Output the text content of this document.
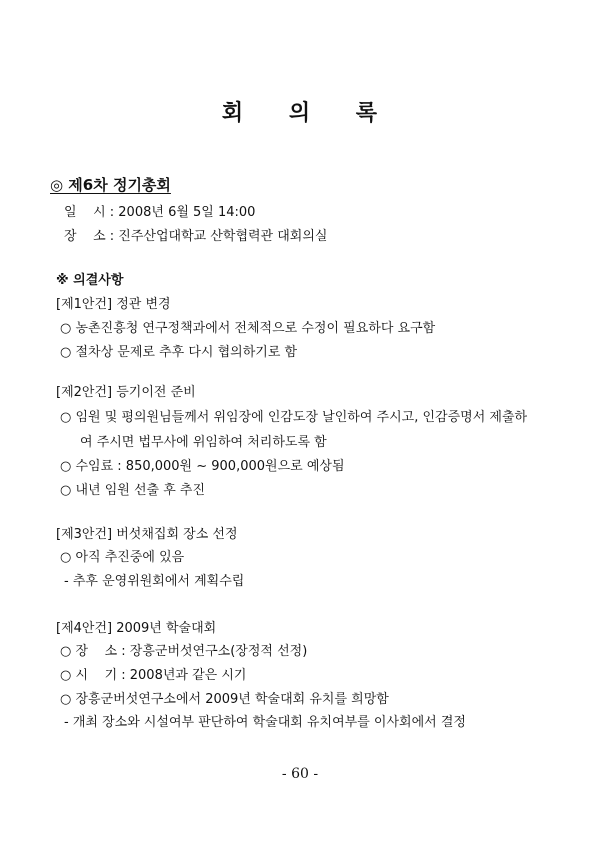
회 의 록
◎ 제6차 정기총회
일    시 : 2008년 6월 5일 14:00
장    소 : 진주산업대학교 산학협력관 대회의실
※ 의결사항
[제1안건] 정관 변경
○ 농촌진흥청 연구정책과에서 전체적으로 수정이 필요하다 요구함
○ 절차상 문제로 추후 다시 협의하기로 함
[제2안건] 등기이전 준비
○ 임원 및 평의원님들께서 위임장에 인감도장 날인하여 주시고, 인감증명서 제출하
여 주시면 법무사에 위임하여 처리하도록 함
○ 수임료 : 850,000원 ~ 900,000원으로 예상됨
○ 내년 임원 선출 후 추진
[제3안건] 버섯채집회 장소 선정
○ 아직 추진중에 있음
- 추후 운영위원회에서 계획수립
[제4안건] 2009년 학술대회
○ 장    소 : 장흥군버섯연구소(장정적 선정)
○ 시    기 : 2008년과 같은 시기
○ 장흥군버섯연구소에서 2009년 학술대회 유치를 희망함
- 개최 장소와 시설여부 판단하여 학술대회 유치여부를 이사회에서 결정
- 60 -
